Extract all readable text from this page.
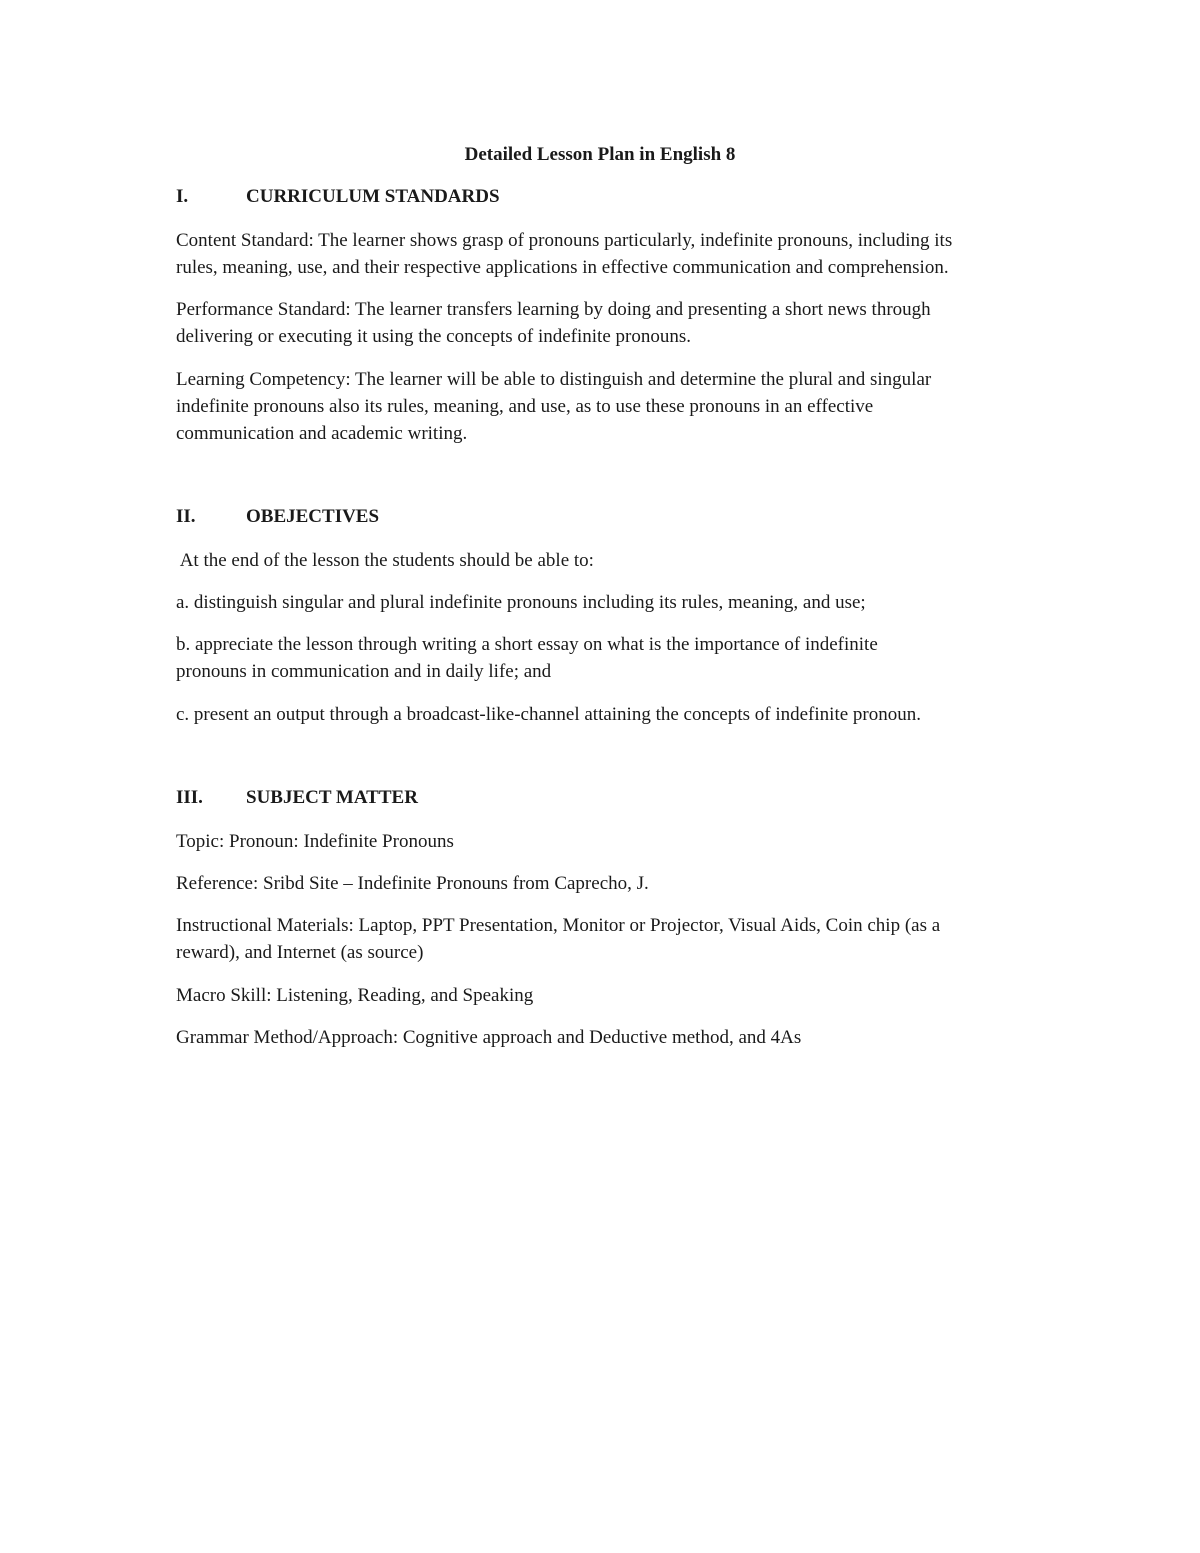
Detailed Lesson Plan in English 8
I.	CURRICULUM STANDARDS

Content Standard: The learner shows grasp of pronouns particularly, indefinite pronouns, including its
rules, meaning, use, and their respective applications in effective communication and comprehension.

Performance Standard: The learner transfers learning by doing and presenting a short news through
delivering or executing it using the concepts of indefinite pronouns.

Learning Competency: The learner will be able to distinguish and determine the plural and singular
indefinite pronouns also its rules, meaning, and use, as to use these pronouns in an effective
communication and academic writing.

II.	OBEJECTIVES

At the end of the lesson the students should be able to:

a. distinguish singular and plural indefinite pronouns including its rules, meaning, and use;

b. appreciate the lesson through writing a short essay on what is the importance of indefinite
pronouns in communication and in daily life; and

c. present an output through a broadcast-like-channel attaining the concepts of indefinite pronoun.

III. SUBJECT MATTER

Topic: Pronoun: Indefinite Pronouns

Reference: Sribd Site – Indefinite Pronouns from Caprecho, J.

Instructional Materials: Laptop, PPT Presentation, Monitor or Projector, Visual Aids, Coin chip (as a
reward), and Internet (as source)

Macro Skill: Listening, Reading, and Speaking

Grammar Method/Approach: Cognitive approach and Deductive method, and 4As
